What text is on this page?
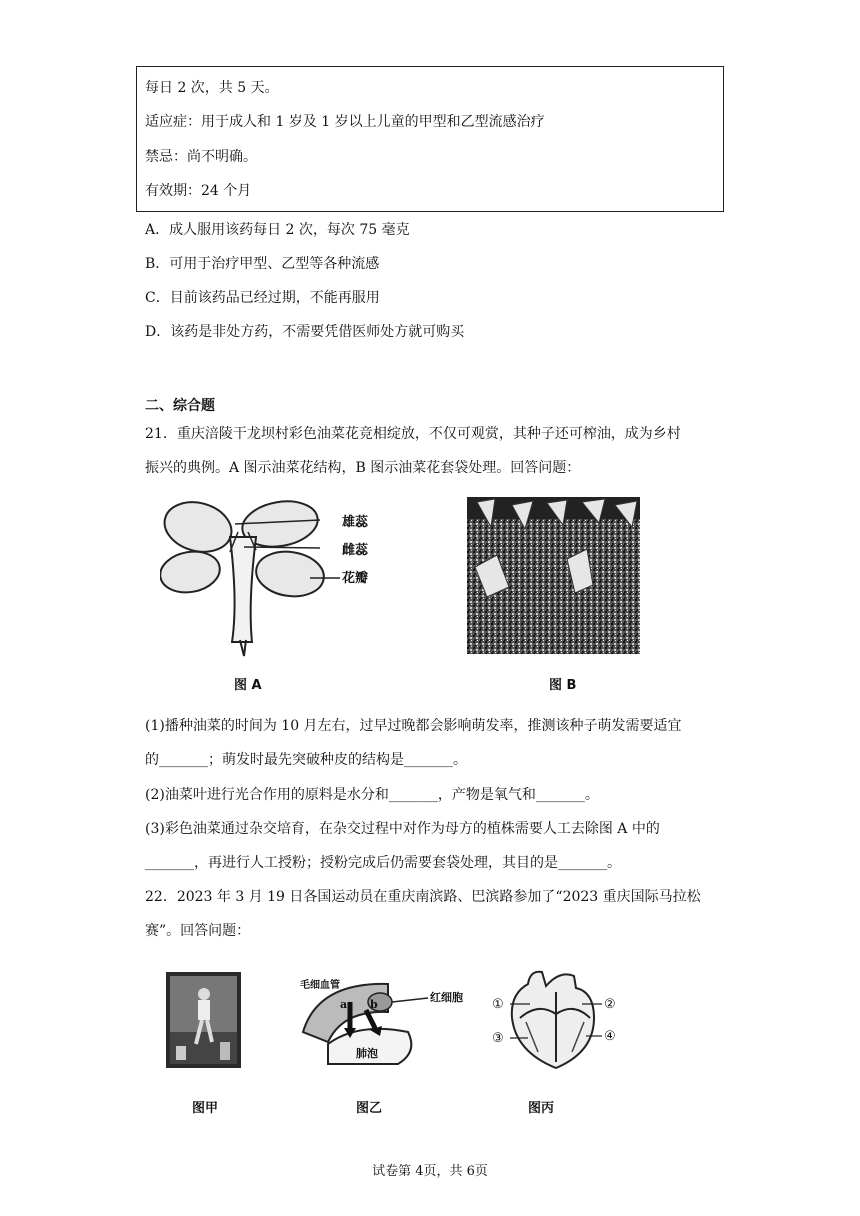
每日 2 次，共 5 天。
适应症：用于成人和 1 岁及 1 岁以上儿童的甲型和乙型流感治疗
禁忌：尚不明确。
有效期：24 个月
A．成人服用该药每日 2 次，每次 75 毫克
B．可用于治疗甲型、乙型等各种流感
C．目前该药品已经过期，不能再服用
D．该药是非处方药，不需要凭借医师处方就可购买
二、综合题
21．重庆涪陵干龙坝村彩色油菜花竞相绽放，不仅可观赏，其种子还可榨油，成为乡村
振兴的典例。A 图示油菜花结构，B 图示油菜花套袋处理。回答问题：
雄蕊
雌蕊
花瓣
图 A	图 B
(1)播种油菜的时间为 10 月左右，过早过晚都会影响萌发率，推测该种子萌发需要适宜
的_______；萌发时最先突破种皮的结构是_______。
(2)油菜叶进行光合作用的原料是水分和_______，产物是氧气和_______。
(3)彩色油菜通过杂交培育，在杂交过程中对作为母方的植株需要人工去除图 A 中的
_______，再进行人工授粉；授粉完成后仍需要套袋处理，其目的是_______。
22．2023 年 3 月 19 日各国运动员在重庆南滨路、巴滨路参加了“2023 重庆国际马拉松
赛”。回答问题：
图甲
毛细血管
红细胞
a b
肺泡
图乙
①	②
③	④
图丙
试卷第 4页，共 6页
